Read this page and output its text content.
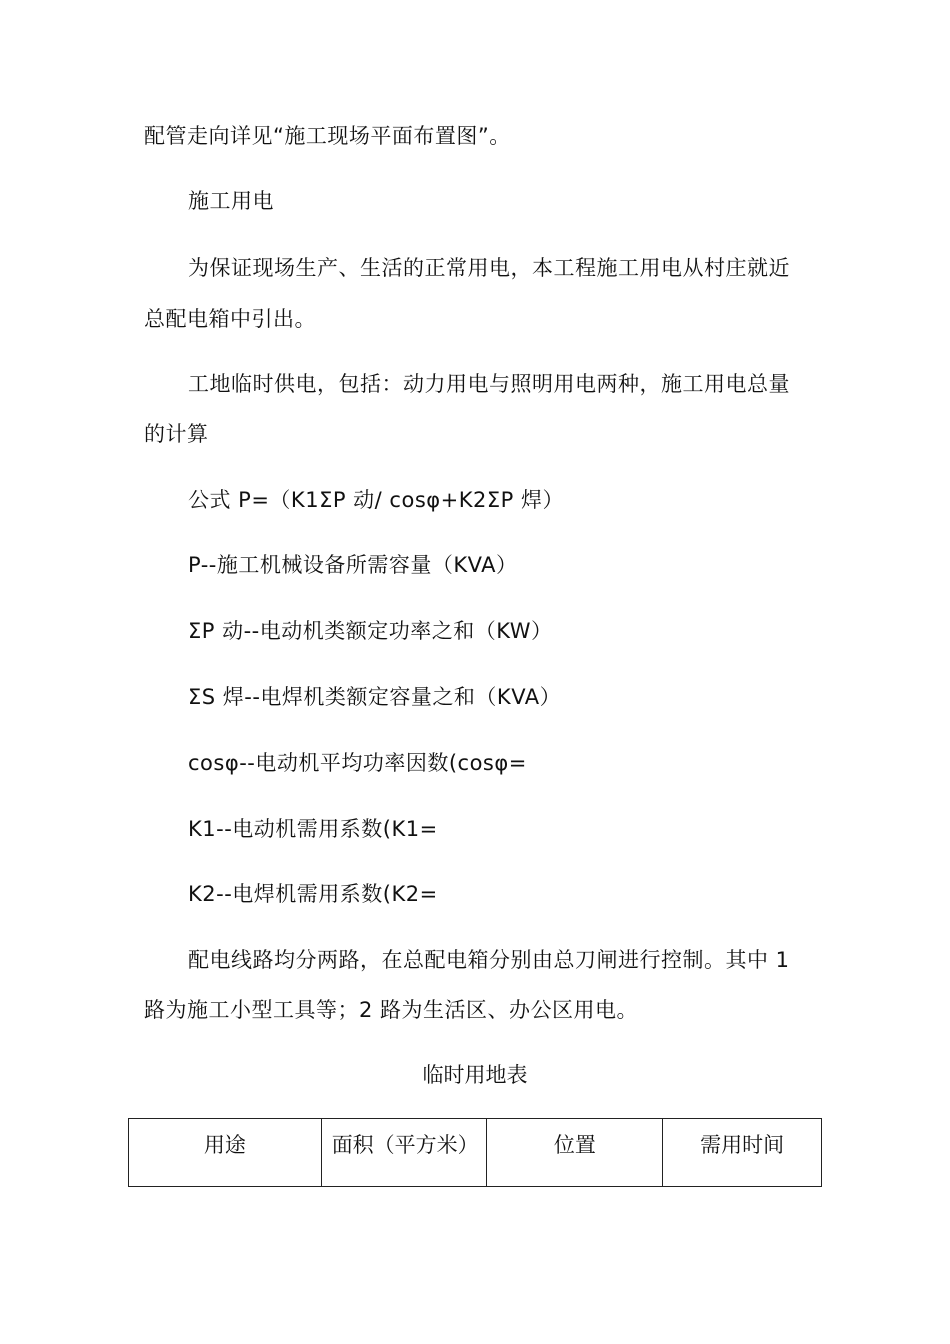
配管走向详见“施工现场平面布置图”。
施工用电
为保证现场生产、生活的正常用电，本工程施工用电从村庄就近
总配电箱中引出。
工地临时供电，包括：动力用电与照明用电两种，施工用电总量
的计算
公式 P=（K1ΣP 动/ cosφ+K2ΣP 焊）
P--施工机械设备所需容量（KVA）
ΣP 动--电动机类额定功率之和（KW）
ΣS 焊--电焊机类额定容量之和（KVA）
cosφ--电动机平均功率因数(cosφ=
K1--电动机需用系数(K1=
K2--电焊机需用系数(K2=
配电线路均分两路，在总配电箱分别由总刀闸进行控制。其中 1
路为施工小型工具等；2 路为生活区、办公区用电。
临时用地表
用途	面积（平方米）	位置	需用时间
